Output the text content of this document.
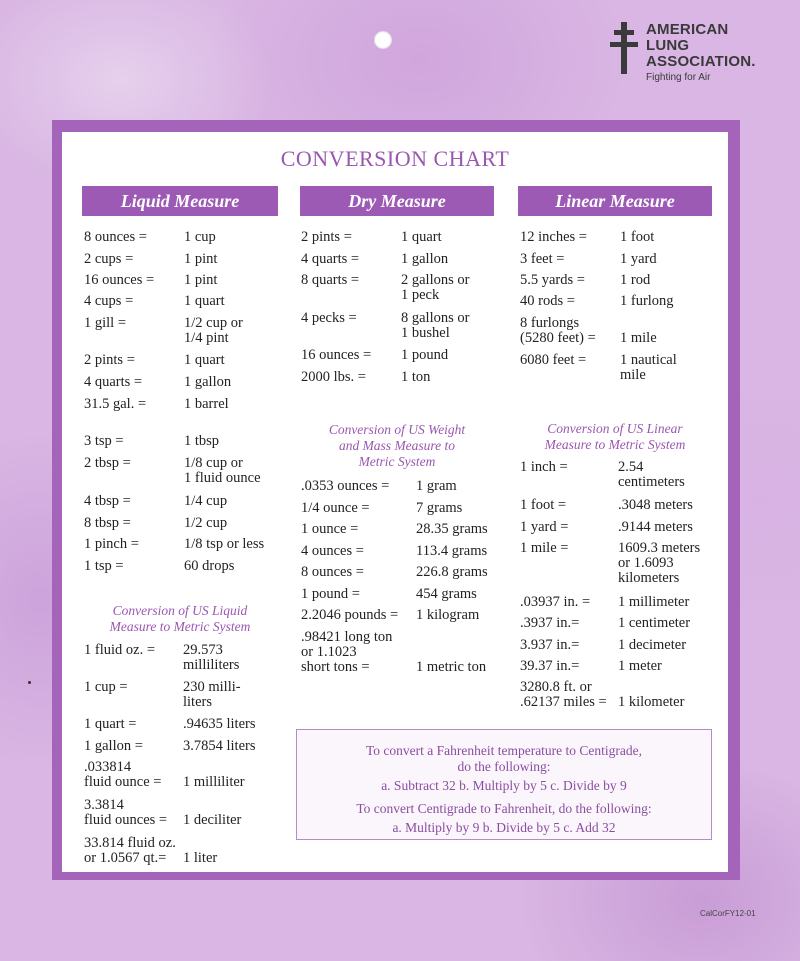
AMERICAN
LUNG
ASSOCIATION.
Fighting for Air
CONVERSION CHART
Liquid Measure	Dry Measure	Linear Measure
8 ounces =	1 cup
2 cups =	1 pint
16 ounces = 1 pint
4 cups =	1 quart
1 gill =	1/2 cup or
1/4 pint
2 pints =	1 quart
4 quarts =	1 gallon
31.5 gal. =	1 barrel
3 tsp =	1 tbsp
2 tbsp =	1/8 cup or
1 fluid ounce
4 tbsp =	1/4 cup
8 tbsp =	1/2 cup
1 pinch =	1/8 tsp or less
1 tsp =	60 drops
Conversion of US Liquid
Measure to Metric System
1 fluid oz. = 29.573
milliliters
1 cup =	230 milli-
liters
1 quart =	.94635 liters
1 gallon =	3.7854 liters
.033814
fluid ounce = 1 milliliter
3.3814
fluid ounces = 1 deciliter
33.814 fluid oz.
or 1.0567 qt.= 1 liter
2 pints =	1 quart
4 quarts =	1 gallon
8 quarts =	2 gallons or
1 peck
4 pecks =	8 gallons or
1 bushel
16 ounces = 1 pound
2000 lbs. = 1 ton
Conversion of US Weight
and Mass Measure to
Metric System
.0353 ounces = 1 gram
1/4 ounce =	7 grams
1 ounce =	28.35 grams
4 ounces =	113.4 grams
8 ounces =	226.8 grams
1 pound =	454 grams
2.2046 pounds = 1 kilogram
.98421 long ton
or 1.1023
short tons =	1 metric ton
12 inches = 1 foot
3 feet =	1 yard
5.5 yards = 1 rod
40 rods =	1 furlong
8 furlongs
(5280 feet) = 1 mile
6080 feet = 1 nautical
mile
Conversion of US Linear
Measure to Metric System
1 inch =	2.54
centimeters
1 foot =	.3048 meters
1 yard =	.9144 meters
1 mile =	1609.3 meters
or 1.6093
kilometers
.03937 in. = 1 millimeter
.3937 in.=	1 centimeter
3.937 in.=	1 decimeter
39.37 in.=	1 meter
3280.8 ft. or
.62137 miles = 1 kilometer
To convert a Fahrenheit temperature to Centigrade,
do the following:
a. Subtract 32 b. Multiply by 5 c. Divide by 9
To convert Centigrade to Fahrenheit, do the following:
a. Multiply by 9 b. Divide by 5 c. Add 32
CalCorFY12-01
